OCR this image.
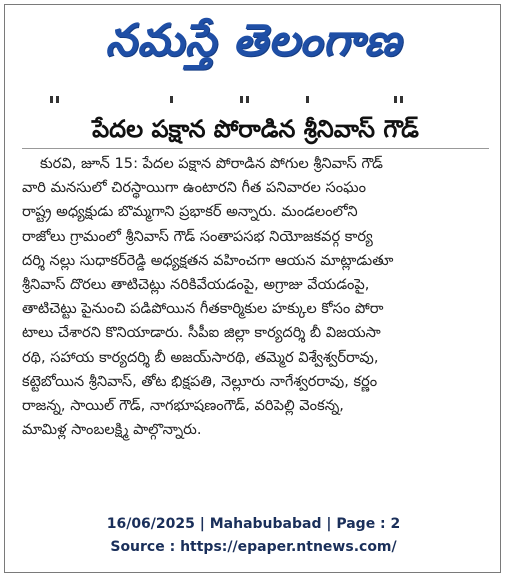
నమస్తే తెలంగాణ
పేదల పక్షాన పోరాడిన శ్రీనివాస్ గౌడ్
కురవి, జూన్ 15: పేదల పక్షాన పోరాడిన పోగుల శ్రీనివాస్ గౌడ్
వారి మనసులో చిరస్థాయిగా ఉంటారని గీత పనివారల సంఘం
రాష్ట్ర అధ్యక్షుడు బొమ్మగాని ప్రభాకర్ అన్నారు. మండలంలోని
రాజోలు గ్రామంలో శ్రీనివాస్ గౌడ్ సంతాపసభ నియోజకవర్గ కార్య
దర్శి నల్లు సుధాకర్‌రెడ్డి అధ్యక్షతన వహించగా ఆయన మాట్లాడుతూ
శ్రీనివాస్ దొరలు తాటిచెట్లు నరికివేయడంపై, అగ్రాజు వేయడంపై,
తాటిచెట్టు పైనుంచి పడిపోయిన గీతకార్మికుల హక్కుల కోసం పోరా
టాలు చేశారని కొనియాడారు. సీపీఐ జిల్లా కార్యదర్శి బీ విజయసా
రథి, సహాయ కార్యదర్శి బీ అజయ్‌సారథి, తమ్మెర విశ్వేశ్వర్‌రావు,
కట్టెబోయిన శ్రీనివాస్, తోట భిక్షపతి, నెల్లూరు నాగేశ్వరరావు, కర్ణం
రాజన్న, సాయిల్ గౌడ్, నాగభూషణంగౌడ్, వరిపెల్లి వెంకన్న,
మామిళ్ల సాంబలక్ష్మి పాల్గొన్నారు.
16/06/2025 | Mahabubabad | Page : 2
Source : https://epaper.ntnews.com/
